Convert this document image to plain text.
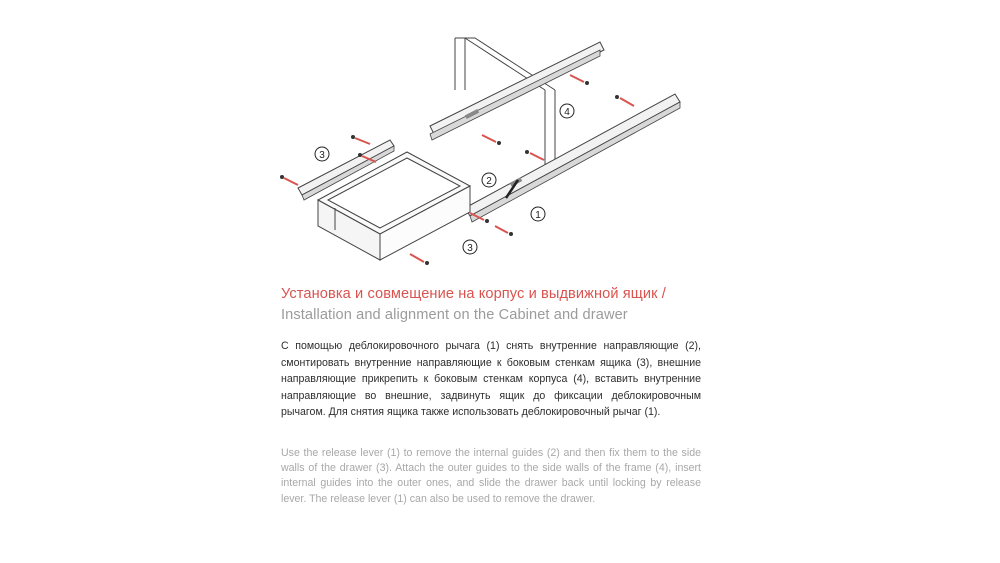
1
2
3
3
4
Установка и совмещение на корпус и выдвижной ящик /
Installation and alignment on the Cabinet and drawer

С помощью деблокировочного рычага (1) снять внутренние направляющие (2), смонтировать внутренние направляющие к боковым стенкам ящика (3), внешние направляющие прикрепить к боковым стенкам корпуса (4), вставить внутренние направляющие во внешние, задвинуть ящик до фиксации деблокировочным рычагом. Для снятия ящика также использовать деблокировочный рычаг (1).

Use the release lever (1) to remove the internal guides (2) and then fix them to the side walls of the drawer (3). Attach the outer guides to the side walls of the frame (4), insert internal guides into the outer ones, and slide the drawer back until locking by release lever. The release lever (1) can also be used to remove the drawer.
